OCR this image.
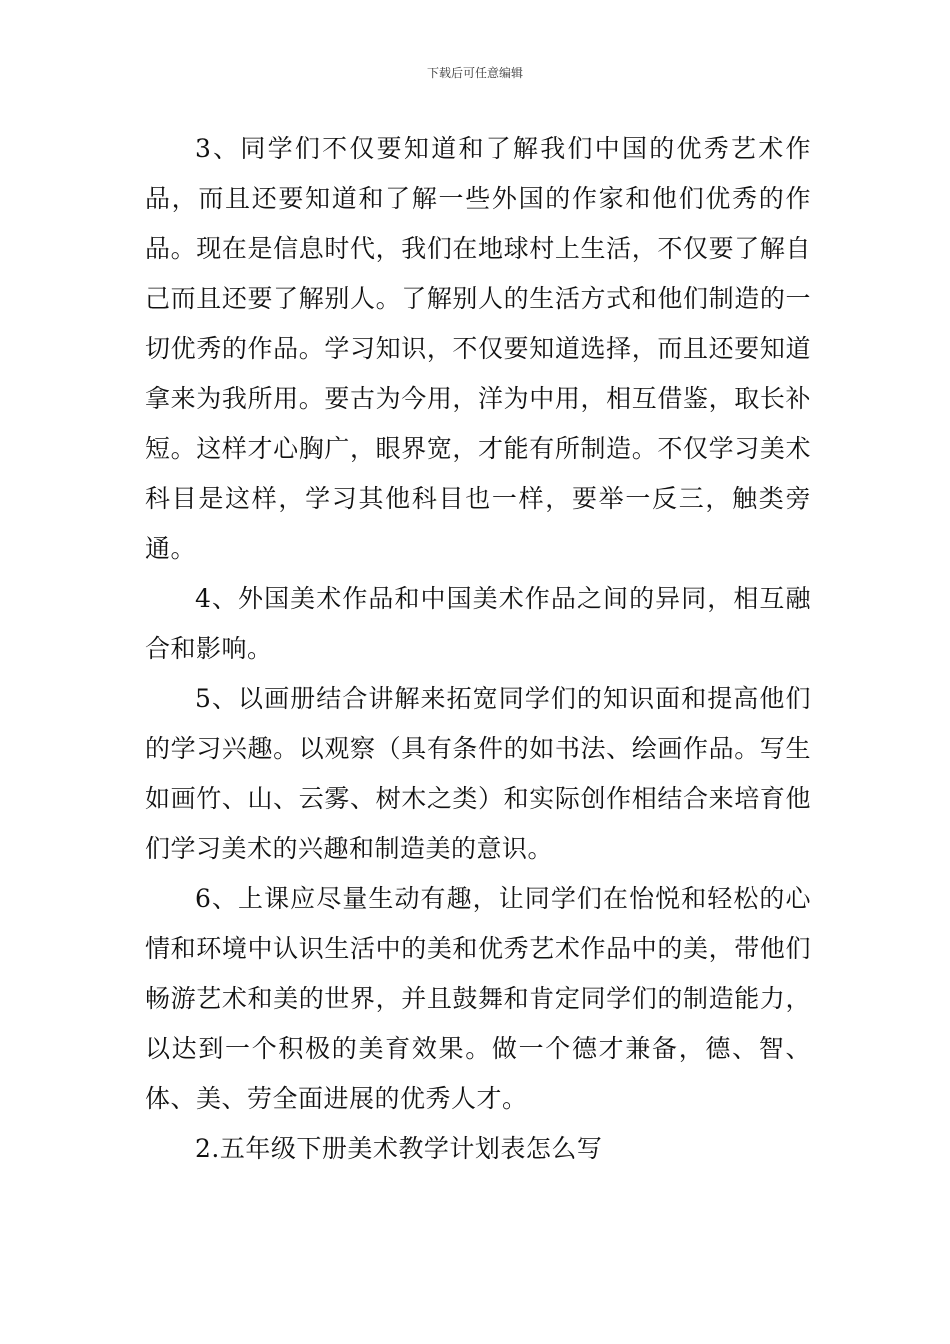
下载后可任意编辑

3、同学们不仅要知道和了解我们中国的优秀艺术作品，而且还要知道和了解一些外国的作家和他们优秀的作品。现在是信息时代，我们在地球村上生活，不仅要了解自己而且还要了解别人。了解别人的生活方式和他们制造的一切优秀的作品。学习知识，不仅要知道选择，而且还要知道拿来为我所用。要古为今用，洋为中用，相互借鉴，取长补短。这样才心胸广，眼界宽，才能有所制造。不仅学习美术科目是这样，学习其他科目也一样，要举一反三，触类旁通。

4、外国美术作品和中国美术作品之间的异同，相互融合和影响。

5、以画册结合讲解来拓宽同学们的知识面和提高他们的学习兴趣。以观察（具有条件的如书法、绘画作品。写生如画竹、山、云雾、树木之类）和实际创作相结合来培育他们学习美术的兴趣和制造美的意识。

6、上课应尽量生动有趣，让同学们在怡悦和轻松的心情和环境中认识生活中的美和优秀艺术作品中的美，带他们畅游艺术和美的世界，并且鼓舞和肯定同学们的制造能力，以达到一个积极的美育效果。做一个德才兼备，德、智、体、美、劳全面进展的优秀人才。

2.五年级下册美术教学计划表怎么写
